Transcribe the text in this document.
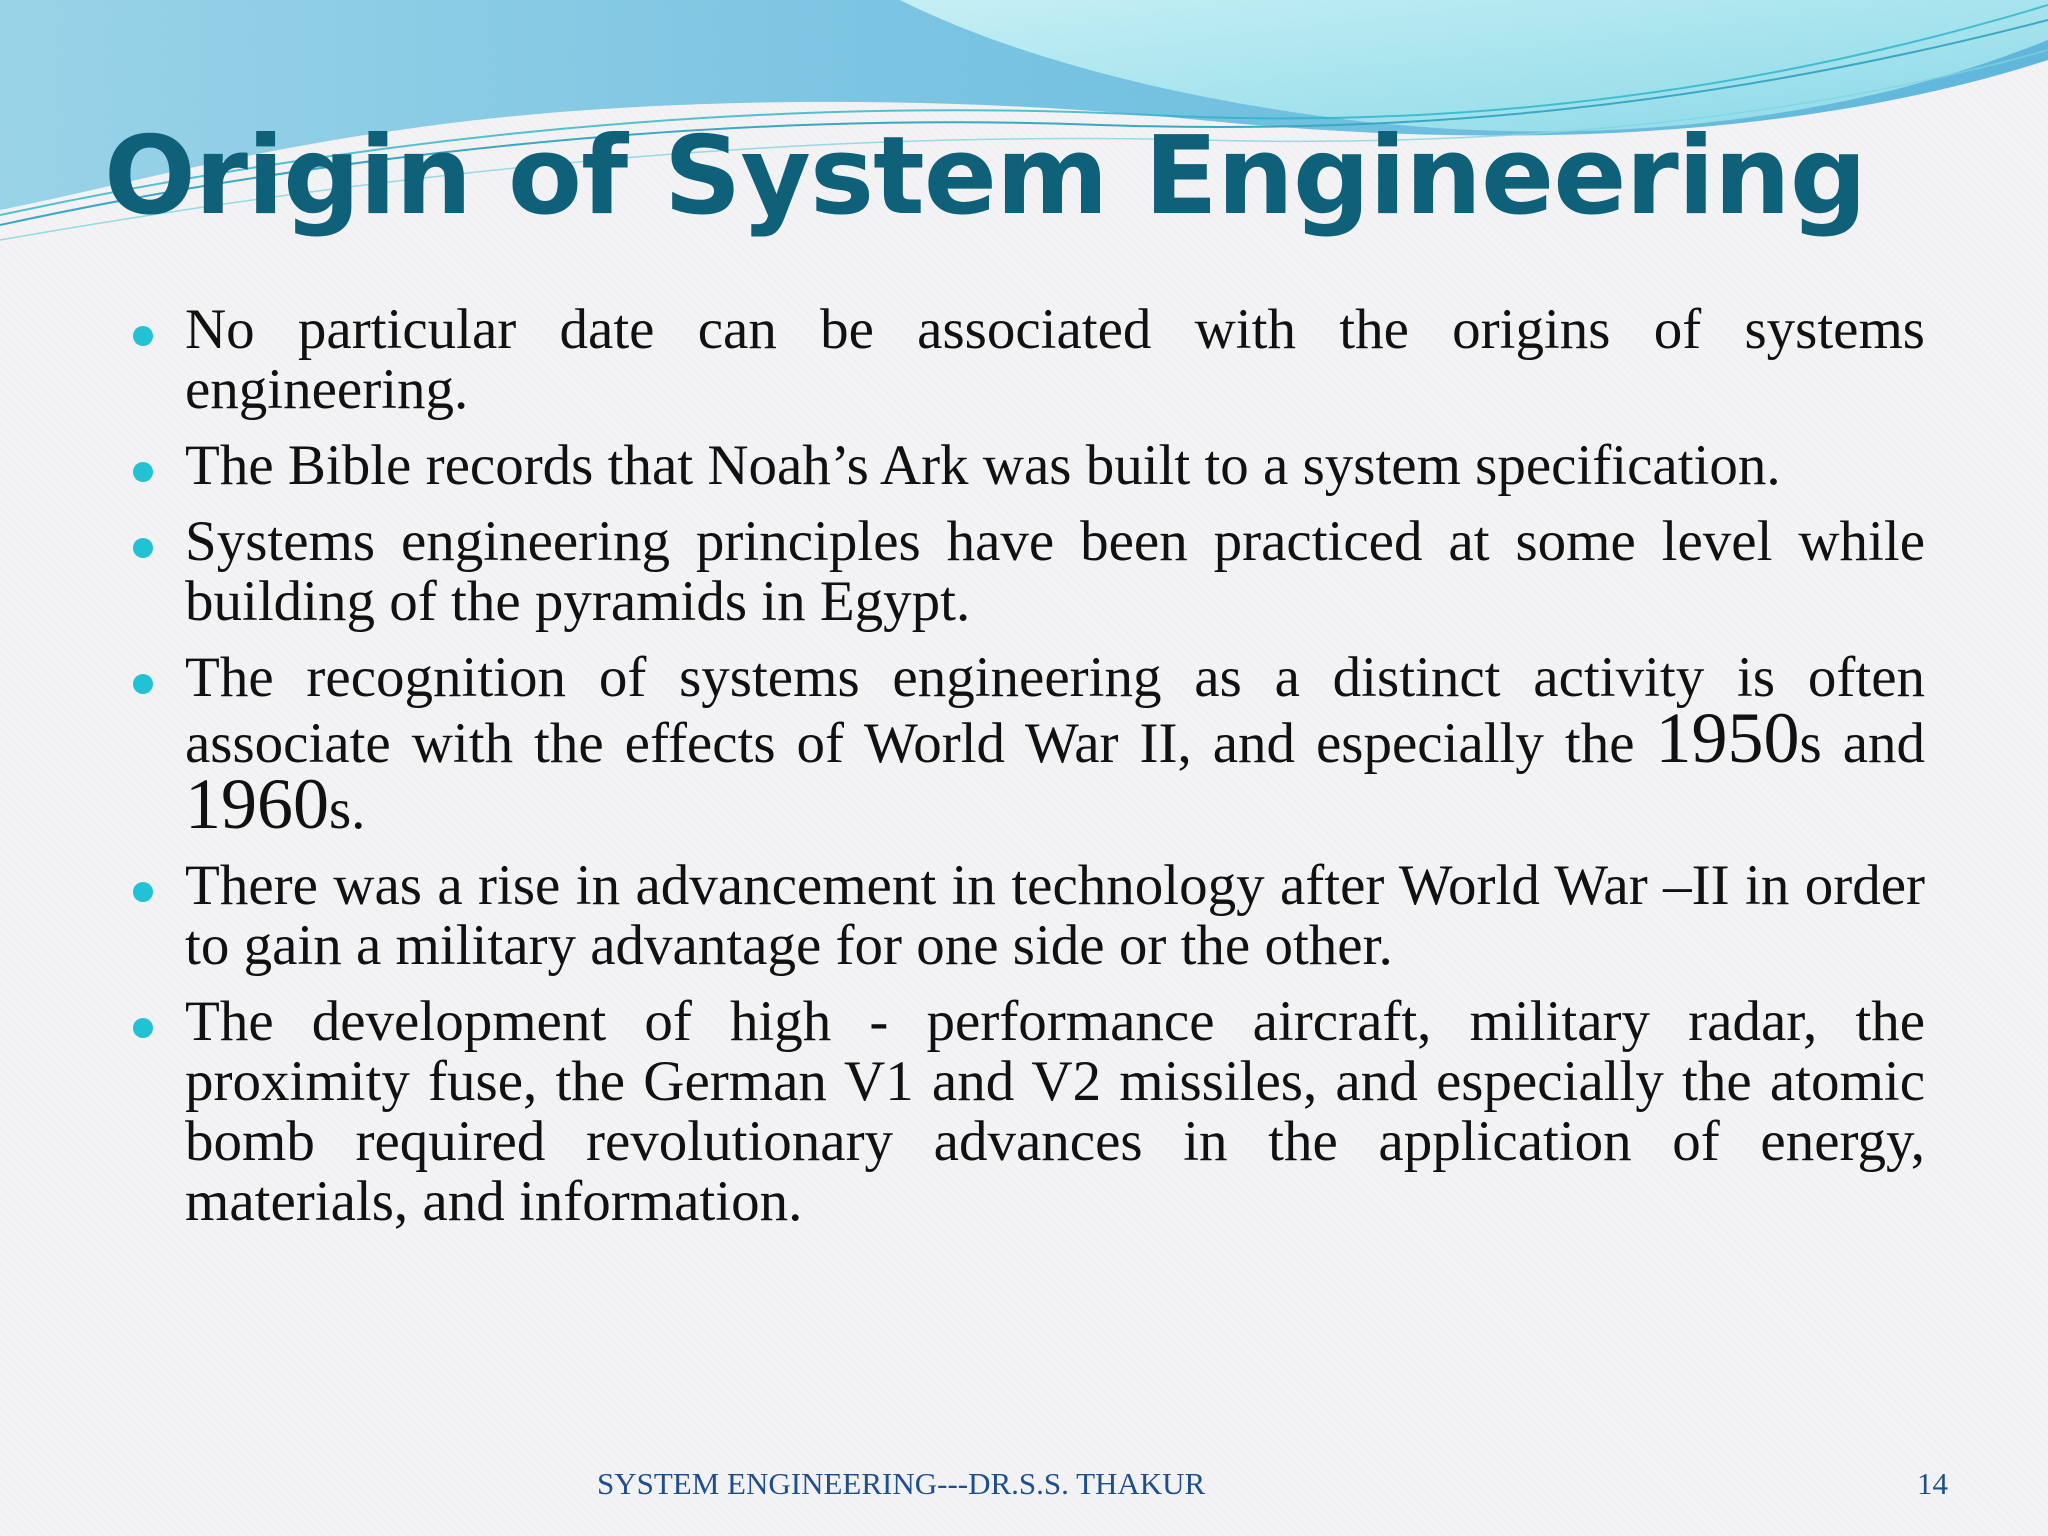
Origin of System Engineering
No particular date can be associated with the origins of systems engineering.
The Bible records that Noah’s Ark was built to a system specification.
Systems engineering principles have been practiced at some level while building of the pyramids in Egypt.
The recognition of systems engineering as a distinct activity is often associate with the effects of World War II, and especially the 1950s and 1960s.
There was a rise in advancement in technology after World War –II in order to gain a military advantage for one side or the other.
The development of high - performance aircraft, military radar, the proximity fuse, the German V1 and V2 missiles, and especially the atomic bomb required revolutionary advances in the application of energy, materials, and information.
SYSTEM ENGINEERING---DR.S.S. THAKUR	14
